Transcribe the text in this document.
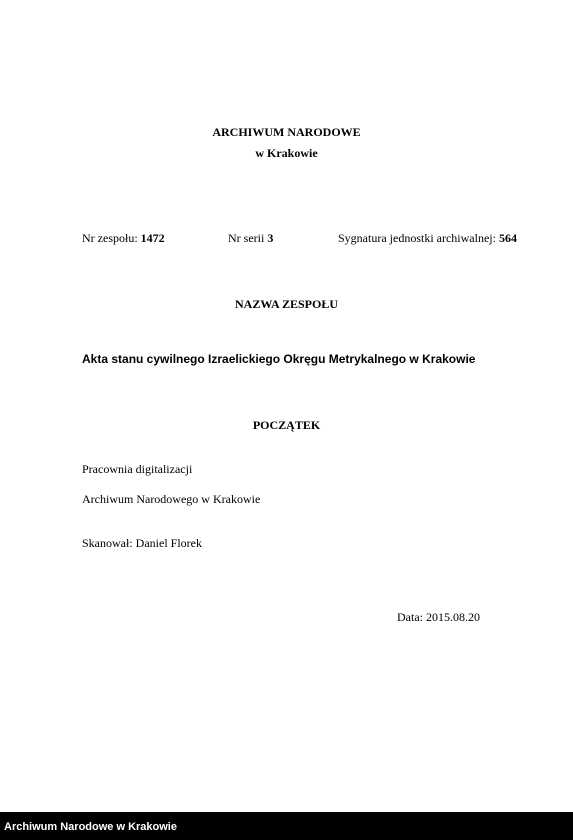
ARCHIWUM NARODOWE
w Krakowie
Nr zespołu: 1472	Nr serii 3	Sygnatura jednostki archiwalnej: 564
NAZWA ZESPOŁU
Akta stanu cywilnego Izraelickiego Okręgu Metrykalnego w Krakowie
POCZĄTEK
Pracownia digitalizacji
Archiwum Narodowego w Krakowie
Skanował: Daniel Florek
Data: 2015.08.20
Archiwum Narodowe w Krakowie
